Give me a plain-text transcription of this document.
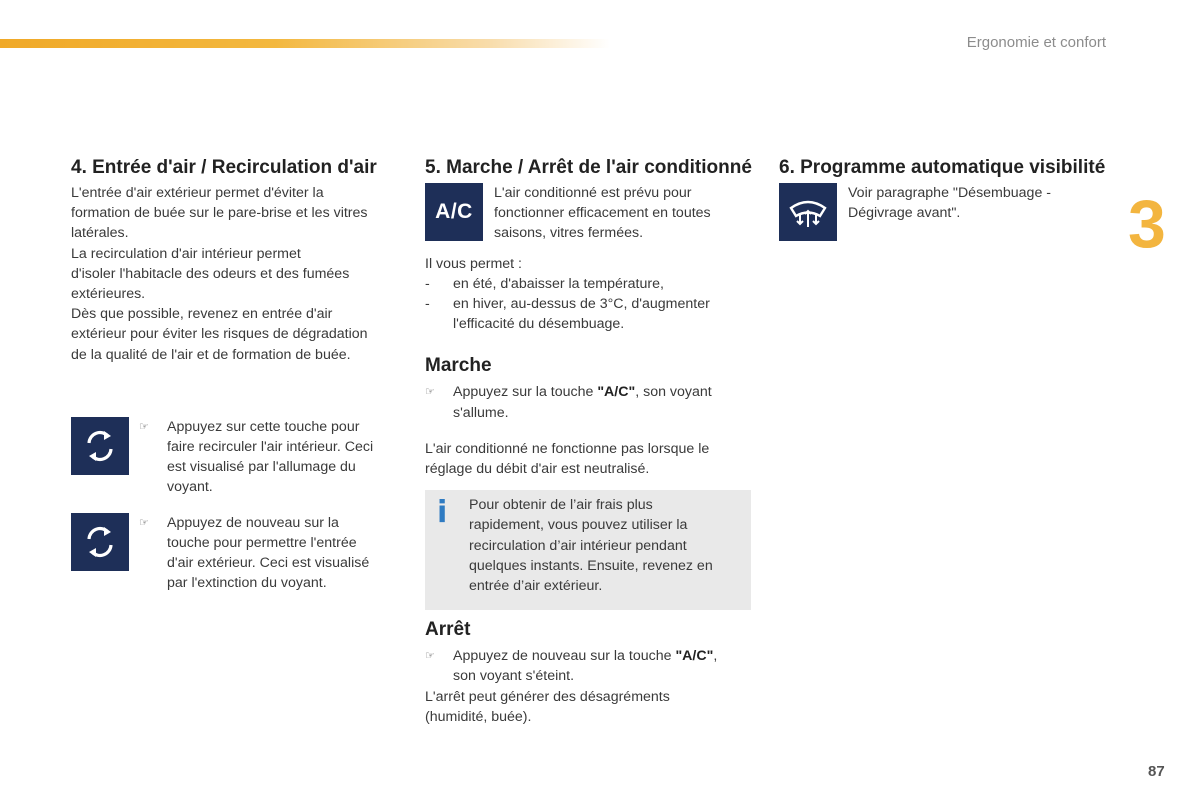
Ergonomie et confort
3
87
4. Entrée d'air / Recirculation d'air

L'entrée d'air extérieur permet d'éviter la

formation de buée sur le pare-brise et les vitres

latérales.

La recirculation d'air intérieur permet

d'isoler l'habitacle des odeurs et des fumées

extérieures.

Dès que possible, revenez en entrée d'air

extérieur pour éviter les risques de dégradation

de la qualité de l'air et de formation de buée.

☞	Appuyez sur cette touche pour

faire recirculer l'air intérieur. Ceci

est visualisé par l'allumage du

voyant.

☞	Appuyez de nouveau sur la

touche pour permettre l'entrée

d'air extérieur. Ceci est visualisé

par l'extinction du voyant.

5. Marche / Arrêt de l'air conditionné
A/C

L'air conditionné est prévu pour

fonctionner efficacement en toutes

saisons, vitres fermées.

Il vous permet :

-	en été, d'abaisser la température,

-	en hiver, au-dessus de 3°C, d'augmenter

l'efficacité du désembuage.

Marche
☞	Appuyez sur la touche "A/C", son voyant

s'allume.

L'air conditionné ne fonctionne pas lorsque le

réglage du débit d'air est neutralisé.

i Pour obtenir de l’air frais plus

rapidement, vous pouvez utiliser la

recirculation d’air intérieur pendant

quelques instants. Ensuite, revenez en

entrée d’air extérieur.

Arrêt
☞	Appuyez de nouveau sur la touche "A/C",

son voyant s'éteint.

L'arrêt peut générer des désagréments

(humidité, buée).

6. Programme automatique visibilité

Voir paragraphe "Désembuage -

Dégivrage avant".
